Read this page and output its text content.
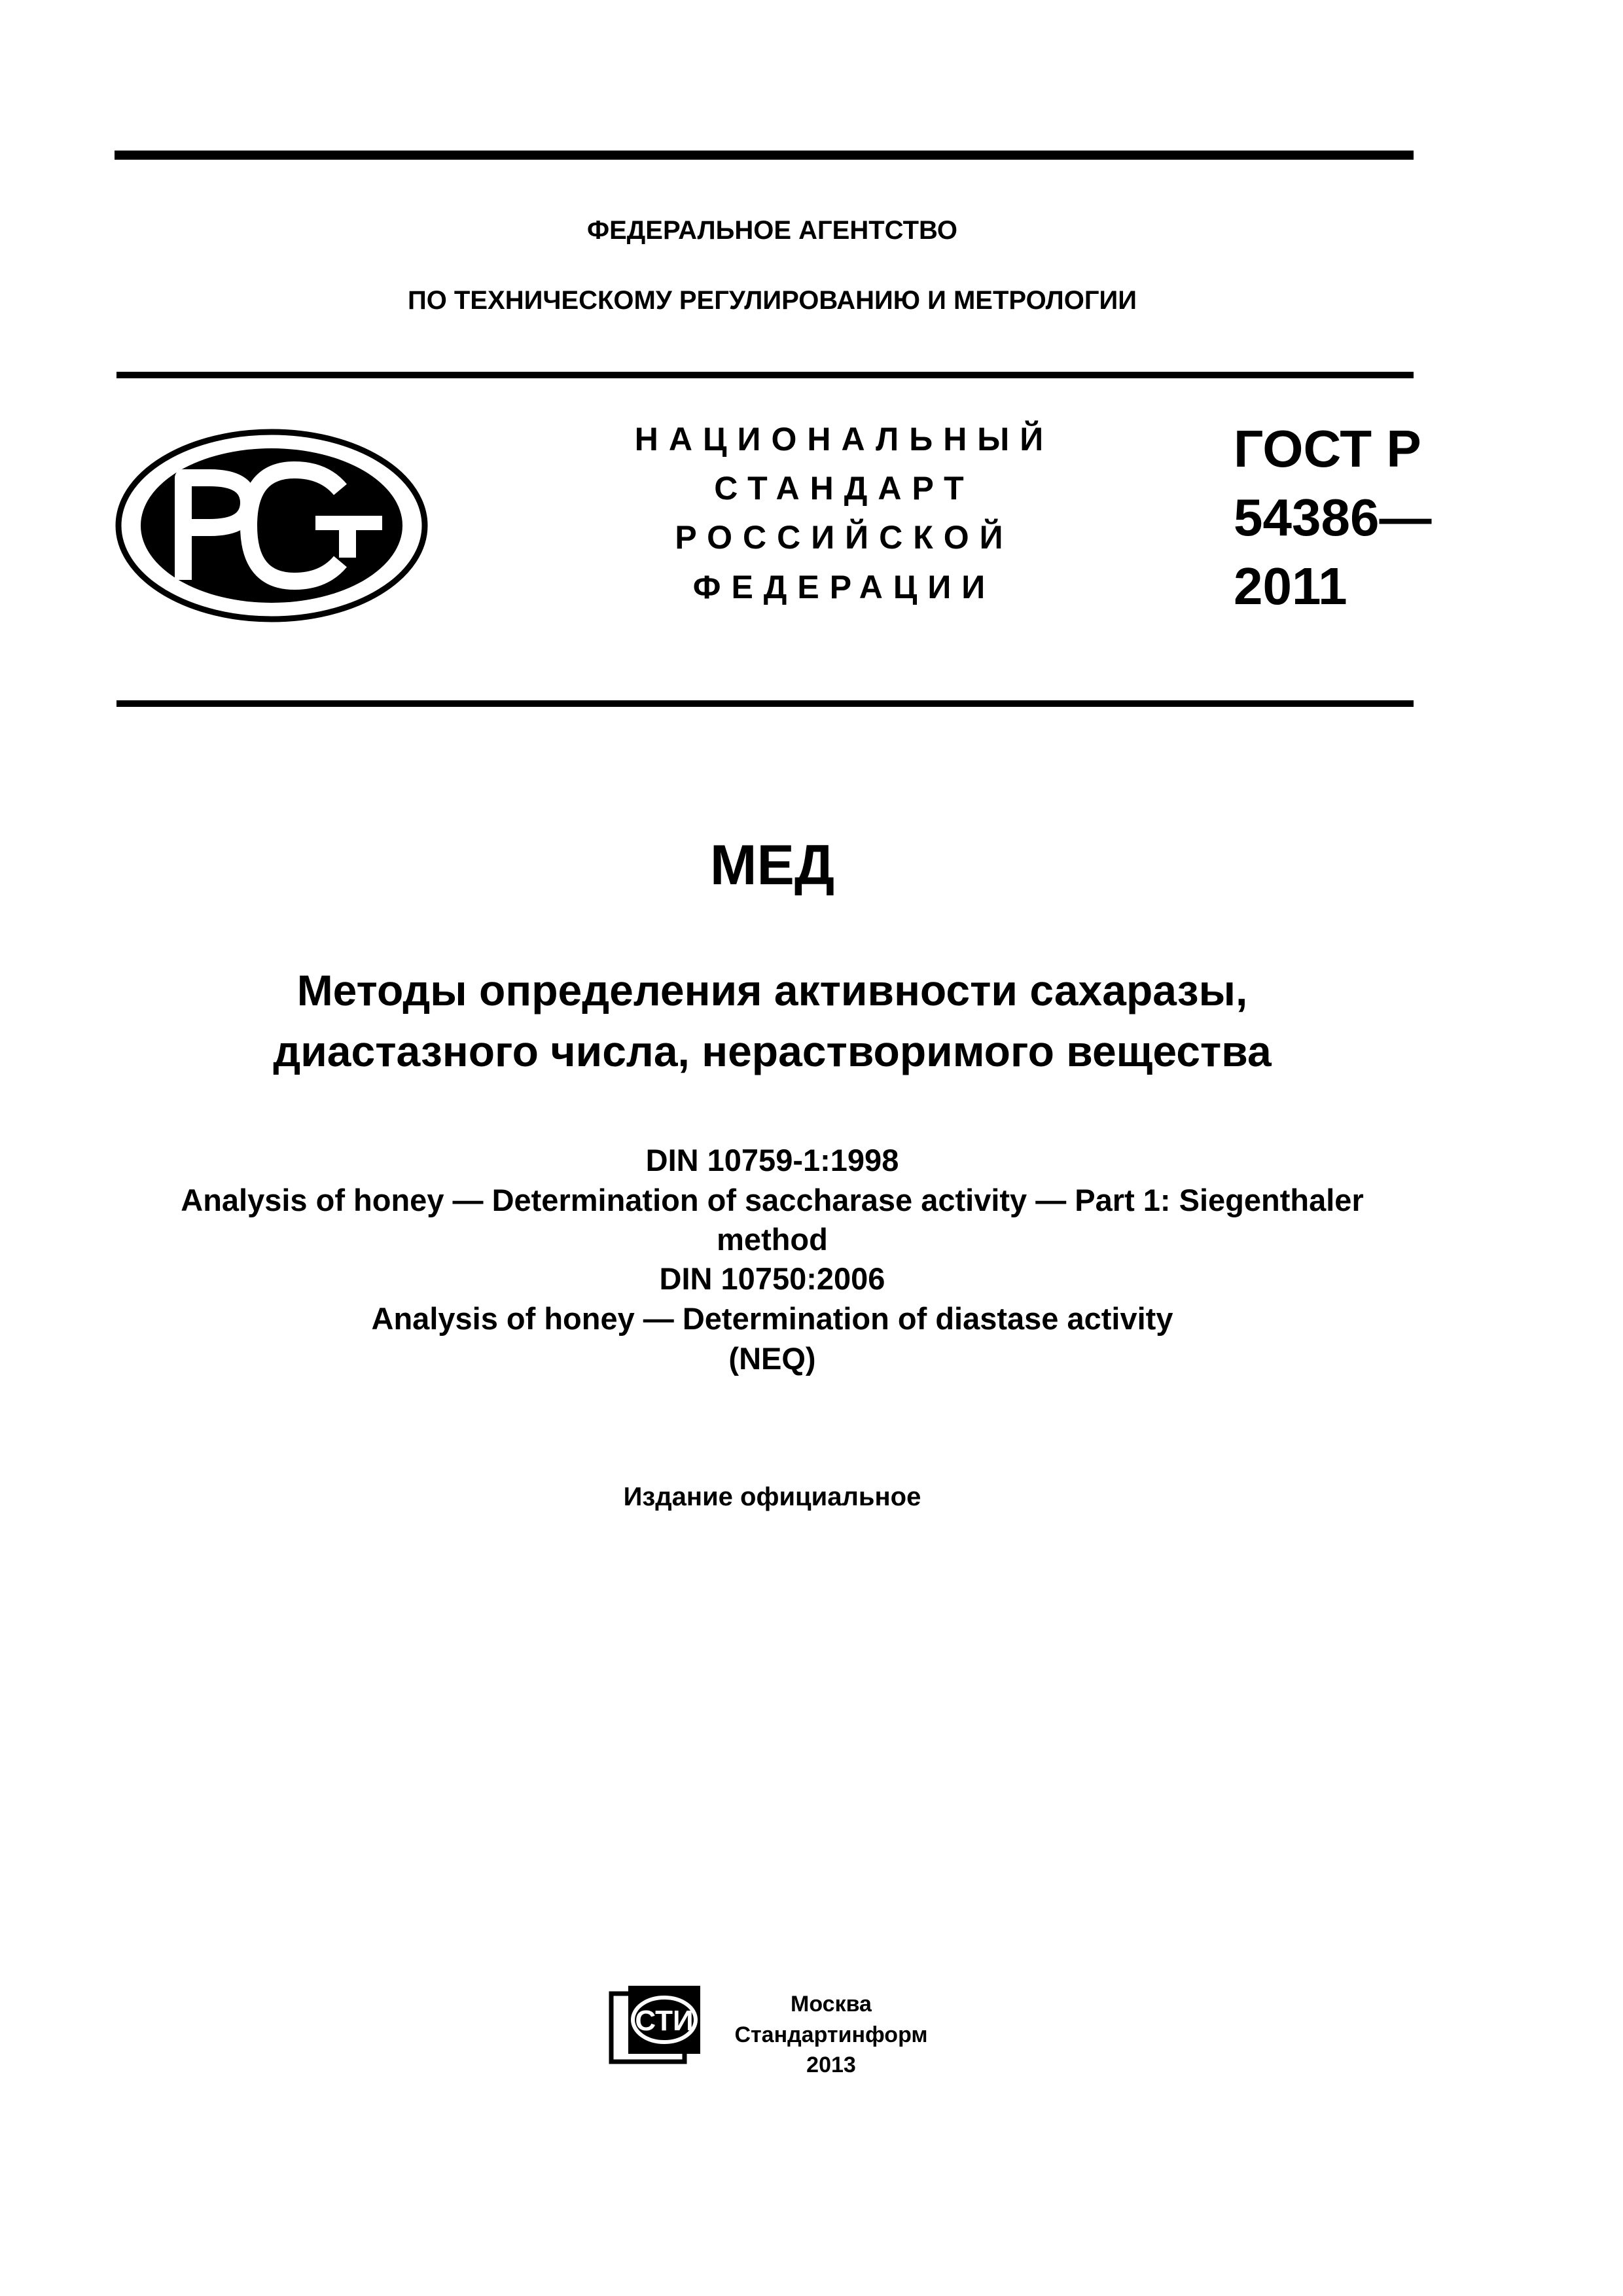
ФЕДЕРАЛЬНОЕ АГЕНТСТВО
ПО ТЕХНИЧЕСКОМУ РЕГУЛИРОВАНИЮ И МЕТРОЛОГИИ
НАЦИОНАЛЬНЫЙ
СТАНДАРТ
РОССИЙСКОЙ
ФЕДЕРАЦИИ
ГОСТ Р
54386—
2011
МЕД
Методы определения активности сахаразы,
диастазного числа, нерастворимого вещества
DIN 10759-1:1998
Analysis of honey — Determination of saccharase activity — Part 1: Siegenthaler
method
DIN 10750:2006
Analysis of honey — Determination of diastase activity
(NEQ)
Издание официальное
СТИ
Москва
Стандартинформ
2013
